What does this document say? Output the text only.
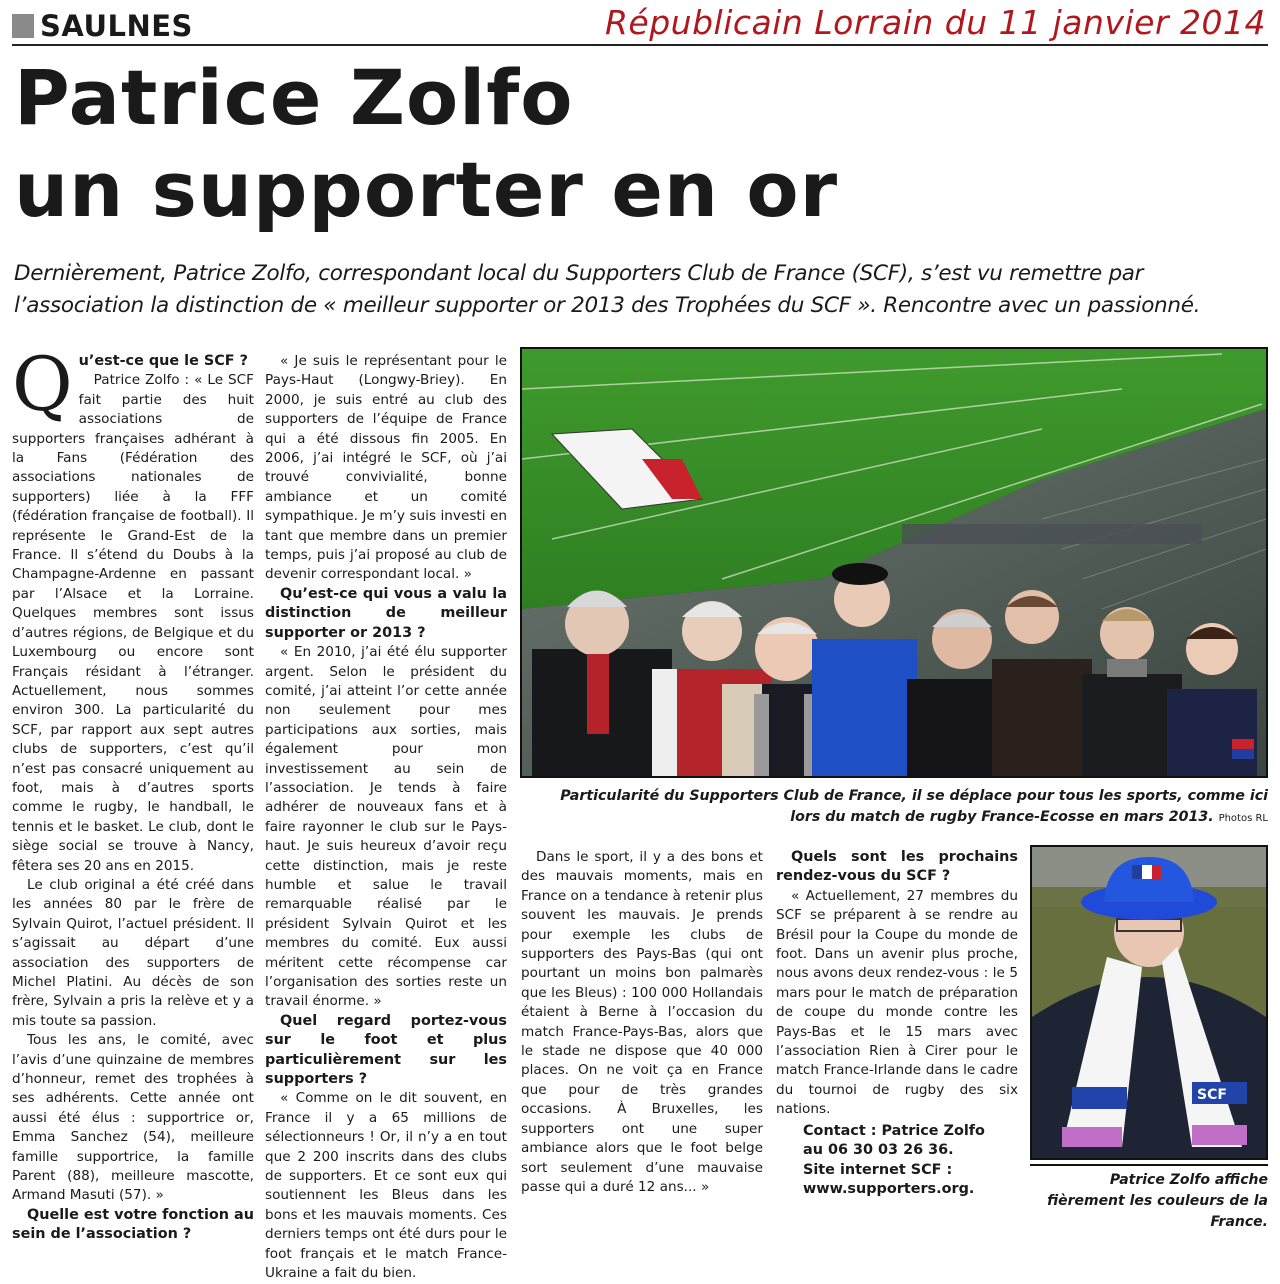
SAULNES	Républicain Lorrain du 11 janvier 2014
Patrice Zolfo
un supporter en or
Dernièrement, Patrice Zolfo, correspondant local du Supporters Club de France (SCF), s’est vu remettre par l’association la distinction de « meilleur supporter or 2013 des Trophées du SCF ». Rencontre avec un passionné.
Q u’est-ce que le SCF ?

Patrice Zolfo : « Le SCF fait partie des huit associations de supporters françaises adhérant à la Fans (Fédération des associations nationales de supporters) liée à la FFF (fédération française de football). Il représente le Grand-Est de la France. Il s’étend du Doubs à la Champagne-Ardenne en passant par l’Alsace et la Lorraine. Quelques membres sont issus d’autres régions, de Belgique et du Luxembourg ou encore sont Français résidant à l’étranger. Actuellement, nous sommes environ 300. La particularité du SCF, par rapport aux sept autres clubs de supporters, c’est qu’il n’est pas consacré uniquement au foot, mais à d’autres sports comme le rugby, le handball, le tennis et le basket. Le club, dont le siège social se trouve à Nancy, fêtera ses 20 ans en 2015.

Le club original a été créé dans les années 80 par le frère de Sylvain Quirot, l’actuel président. Il s’agissait au départ d’une association des supporters de Michel Platini. Au décès de son frère, Sylvain a pris la relève et y a mis toute sa passion.

Tous les ans, le comité, avec l’avis d’une quinzaine de membres d’honneur, remet des trophées à ses adhérents. Cette année ont aussi été élus : supportrice or, Emma Sanchez (54), meilleure famille supportrice, la famille Parent (88), meilleure mascotte, Armand Masuti (57). »

Quelle est votre fonction au sein de l’association ?

« Je suis le représentant pour le Pays-Haut (Longwy-Briey). En 2000, je suis entré au club des supporters de l’équipe de France qui a été dissous fin 2005. En 2006, j’ai intégré le SCF, où j’ai trouvé convivialité, bonne ambiance et un comité sympathique. Je m’y suis investi en tant que membre dans un premier temps, puis j’ai proposé au club de devenir correspondant local. »

Qu’est-ce qui vous a valu la distinction de meilleur supporter or 2013 ?

« En 2010, j’ai été élu supporter argent. Selon le président du comité, j’ai atteint l’or cette année non seulement pour mes participations aux sorties, mais également pour mon investissement au sein de l’association. Je tends à faire adhérer de nouveaux fans et à faire rayonner le club sur le Pays-haut. Je suis heureux d’avoir reçu cette distinction, mais je reste humble et salue le travail remarquable réalisé par le président Sylvain Quirot et les membres du comité. Eux aussi méritent cette récompense car l’organisation des sorties reste un travail énorme. »

Quel regard portez-vous sur le foot et plus particulièrement sur les supporters ?

« Comme on le dit souvent, en France il y a 65 millions de sélectionneurs ! Or, il n’y a en tout que 2 200 inscrits dans des clubs de supporters. Et ce sont eux qui soutiennent les Bleus dans les bons et les mauvais moments. Ces derniers temps ont été durs pour le foot français et le match France-Ukraine a fait du bien.

Particularité du Supporters Club de France, il se déplace pour tous les sports, comme ici lors du match de rugby France-Ecosse en mars 2013. Photos RL

Dans le sport, il y a des bons et des mauvais moments, mais en France on a tendance à retenir plus souvent les mauvais. Je prends pour exemple les clubs de supporters des Pays-Bas (qui ont pourtant un moins bon palmarès que les Bleus) : 100 000 Hollandais étaient à Berne à l’occasion du match France-Pays-Bas, alors que le stade ne dispose que 40 000 places. On ne voit ça en France que pour de très grandes occasions. À Bruxelles, les supporters ont une super ambiance alors que le foot belge sort seulement d’une mauvaise passe qui a duré 12 ans... »

Quels sont les prochains rendez-vous du SCF ?

« Actuellement, 27 membres du SCF se préparent à se rendre au Brésil pour la Coupe du monde de foot. Dans un avenir plus proche, nous avons deux rendez-vous : le 5 mars pour le match de préparation de coupe du monde contre les Pays-Bas et le 15 mars avec l’association Rien à Cirer pour le match France-Irlande dans le cadre du tournoi de rugby des six nations.

Contact : Patrice Zolfo
au 06 30 03 26 36.
Site internet SCF :
www.supporters.org.
SCF
Patrice Zolfo affiche fièrement les couleurs de la France.
